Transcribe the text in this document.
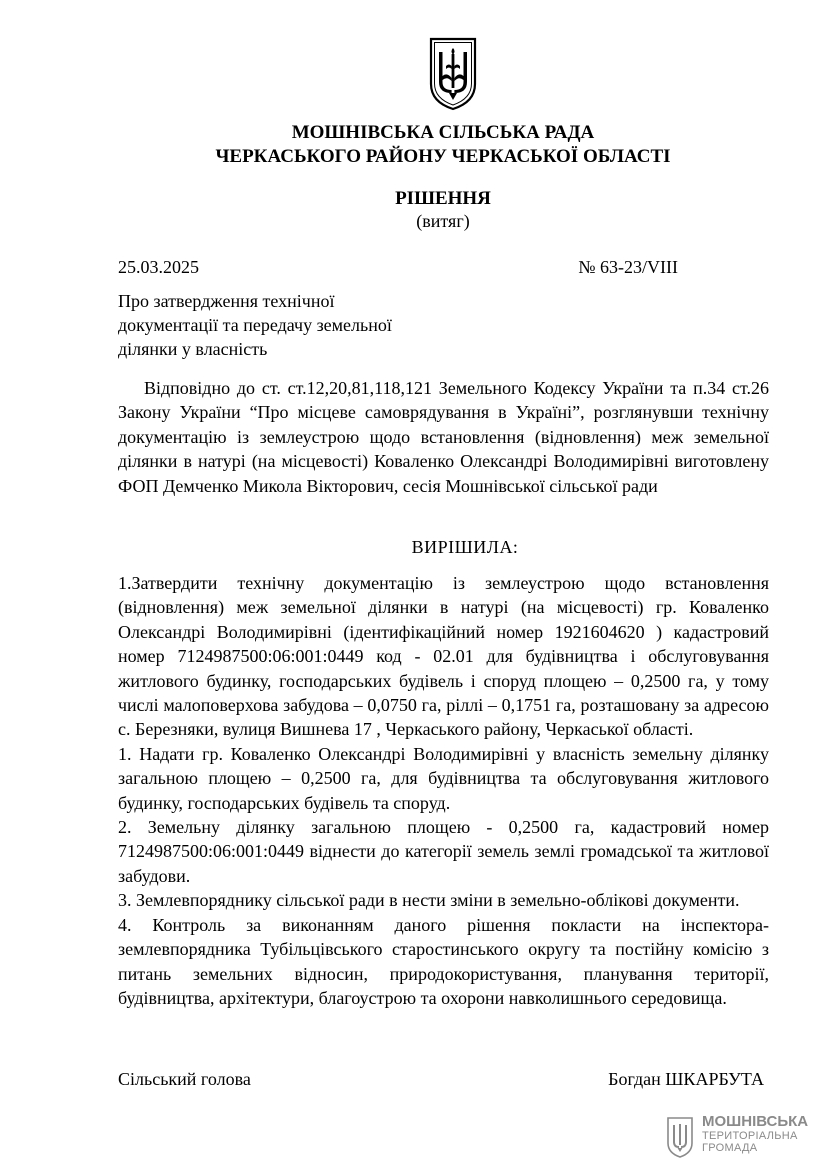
МОШНІВСЬКА СІЛЬСЬКА РАДА
ЧЕРКАСЬКОГО РАЙОНУ ЧЕРКАСЬКОЇ ОБЛАСТІ
РІШЕННЯ
(витяг)
25.03.2025	№ 63-23/VIII
Про затвердження технічної
документації та передачу земельної
ділянки у власність
Відповідно до ст. ст.12,20,81,118,121 Земельного Кодексу України та п.34 ст.26 Закону України “Про місцеве самоврядування в Україні”, розглянувши технічну документацію із землеустрою щодо встановлення (відновлення) меж земельної ділянки в натурі (на місцевості) Коваленко Олександрі Володимирівні виготовлену ФОП Демченко Микола Вікторович, сесія Мошнівської сільської ради
ВИРІШИЛА:

1.Затвердити технічну документацію із землеустрою щодо встановлення (відновлення) меж земельної ділянки в натурі (на місцевості) гр. Коваленко Олександрі Володимирівні (ідентифікаційний номер 1921604620 ) кадастровий номер 7124987500:06:001:0449 код - 02.01 для будівництва і обслуговування житлового будинку, господарських будівель і споруд площею – 0,2500 га, у тому числі малоповерхова забудова – 0,0750 га, ріллі – 0,1751 га, розташовану за адресою с. Березняки, вулиця Вишнева 17 , Черкаського району, Черкаської області.

1. Надати гр. Коваленко Олександрі Володимирівні у власність земельну ділянку загальною площею – 0,2500 га, для будівництва та обслуговування житлового будинку, господарських будівель та споруд.

2. Земельну ділянку загальною площею - 0,2500 га, кадастровий номер 7124987500:06:001:0449 віднести до категорії земель землі громадської та житлової забудови.

3. Землевпоряднику сільської ради в нести зміни в земельно-облікові документи.

4. Контроль за виконанням даного рішення покласти на інспектора-землевпорядника Тубільцівського старостинського округу та постійну комісію з питань земельних відносин, природокористування, планування території, будівництва, архітектури, благоустрою та охорони навколишнього середовища.

Сільський голова	Богдан ШКАРБУТА
МОШНІВСЬКА
ТЕРИТОРІАЛЬНА
ГРОМАДА
